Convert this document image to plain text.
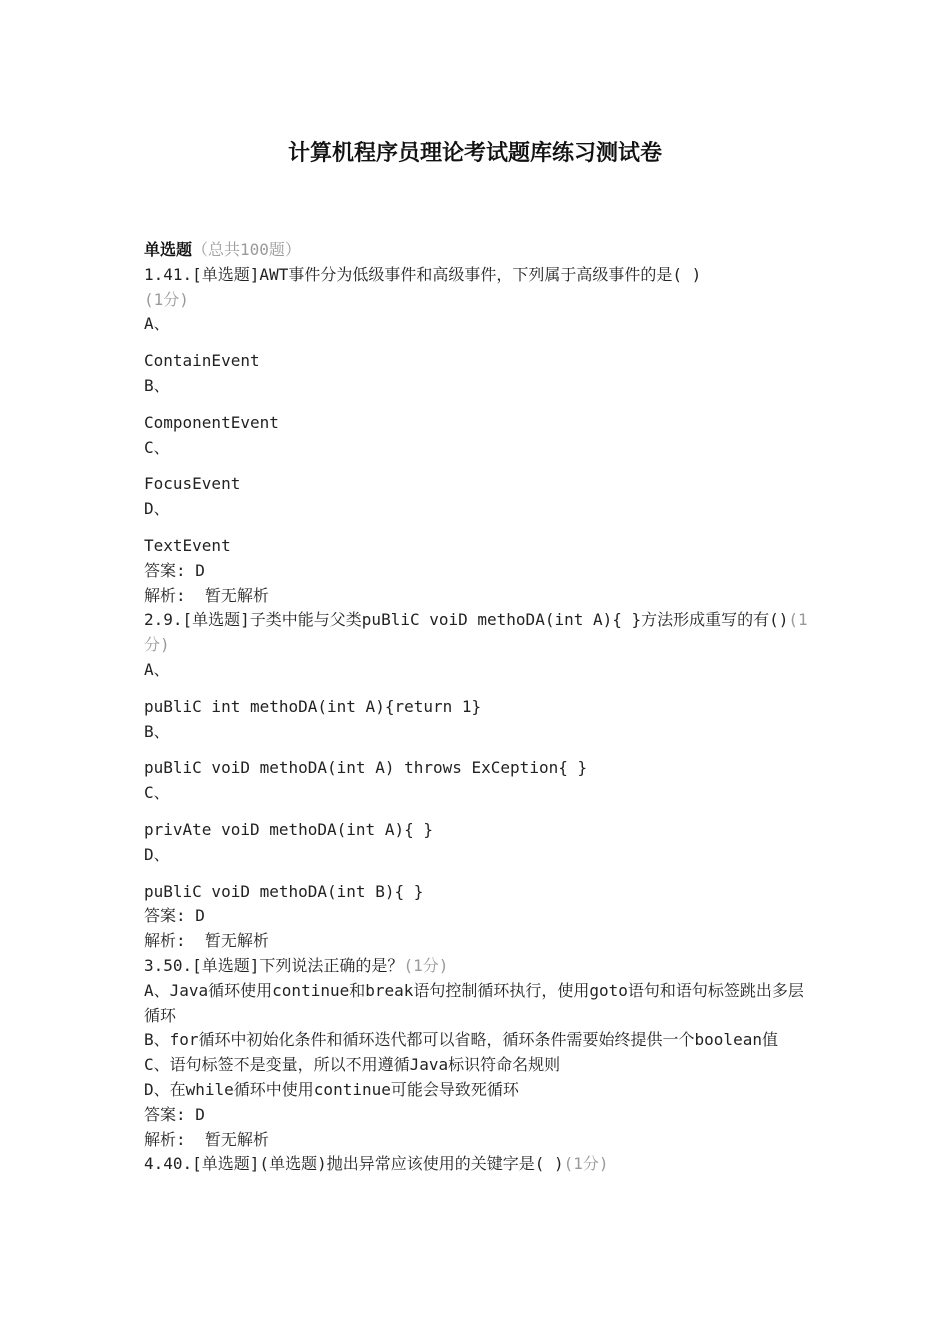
计算机程序员理论考试题库练习测试卷
单选题（总共100题）
1.41.[单选题]AWT事件分为低级事件和高级事件，下列属于高级事件的是( )
(1分)
A、
ContainEvent
B、
ComponentEvent
C、
FocusEvent
D、
TextEvent
答案: D
解析:  暂无解析
2.9.[单选题]子类中能与父类puBliC voiD methoDA(int A){ }方法形成重写的有()(1分)
A、
puBliC int methoDA(int A){return 1}
B、
puBliC voiD methoDA(int A) throws ExCeption{ }
C、
privAte voiD methoDA(int A){ }
D、
puBliC voiD methoDA(int B){ }
答案: D
解析:  暂无解析
3.50.[单选题]下列说法正确的是？(1分)
A、Java循环使用continue和break语句控制循环执行，使用goto语句和语句标签跳出多层循环
B、for循环中初始化条件和循环迭代都可以省略，循环条件需要始终提供一个boolean值
C、语句标签不是变量，所以不用遵循Java标识符命名规则
D、在while循环中使用continue可能会导致死循环
答案: D
解析:  暂无解析
4.40.[单选题](单选题)抛出异常应该使用的关键字是( )(1分)
